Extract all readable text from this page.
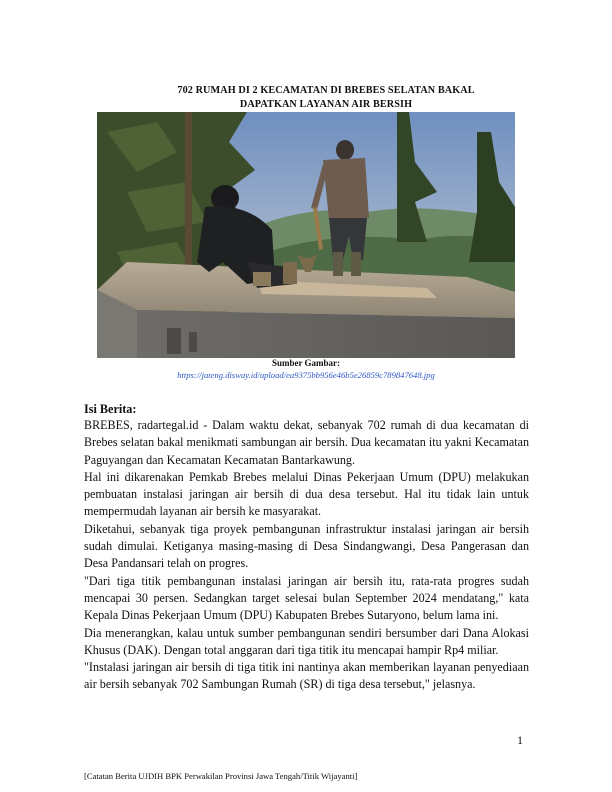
702 RUMAH DI 2 KECAMATAN DI BREBES SELATAN BAKAL
DAPATKAN LAYANAN AIR BERSIH
Sumber Gambar:
https://jateng.disway.id/upload/ea9375bb956e46b5e26859c789847648.jpg
Isi Berita:

BREBES, radartegal.id - Dalam waktu dekat, sebanyak 702 rumah di dua kecamatan di Brebes selatan bakal menikmati sambungan air bersih. Dua kecamatan itu yakni Kecamatan Paguyangan dan Kecamatan Kecamatan Bantarkawung.

Hal ini dikarenakan Pemkab Brebes melalui Dinas Pekerjaan Umum (DPU) melakukan pembuatan instalasi jaringan air bersih di dua desa tersebut. Hal itu tidak lain untuk mempermudah layanan air bersih ke masyarakat.

Diketahui, sebanyak tiga proyek pembangunan infrastruktur instalasi jaringan air bersih sudah dimulai. Ketiganya masing-masing di Desa Sindangwangi, Desa Pangerasan dan Desa Pandansari telah on progres.

"Dari tiga titik pembangunan instalasi jaringan air bersih itu, rata-rata progres sudah mencapai 30 persen. Sedangkan target selesai bulan September 2024 mendatang," kata Kepala Dinas Pekerjaan Umum (DPU) Kabupaten Brebes Sutaryono, belum lama ini.

Dia menerangkan, kalau untuk sumber pembangunan sendiri bersumber dari Dana Alokasi Khusus (DAK). Dengan total anggaran dari tiga titik itu mencapai hampir Rp4 miliar.

"Instalasi jaringan air bersih di tiga titik ini nantinya akan memberikan layanan penyediaan air bersih sebanyak 702 Sambungan Rumah (SR) di tiga desa tersebut," jelasnya.

1
[Catatan Berita UJDIH BPK Perwakilan Provinsi Jawa Tengah/Titik Wijayanti]
